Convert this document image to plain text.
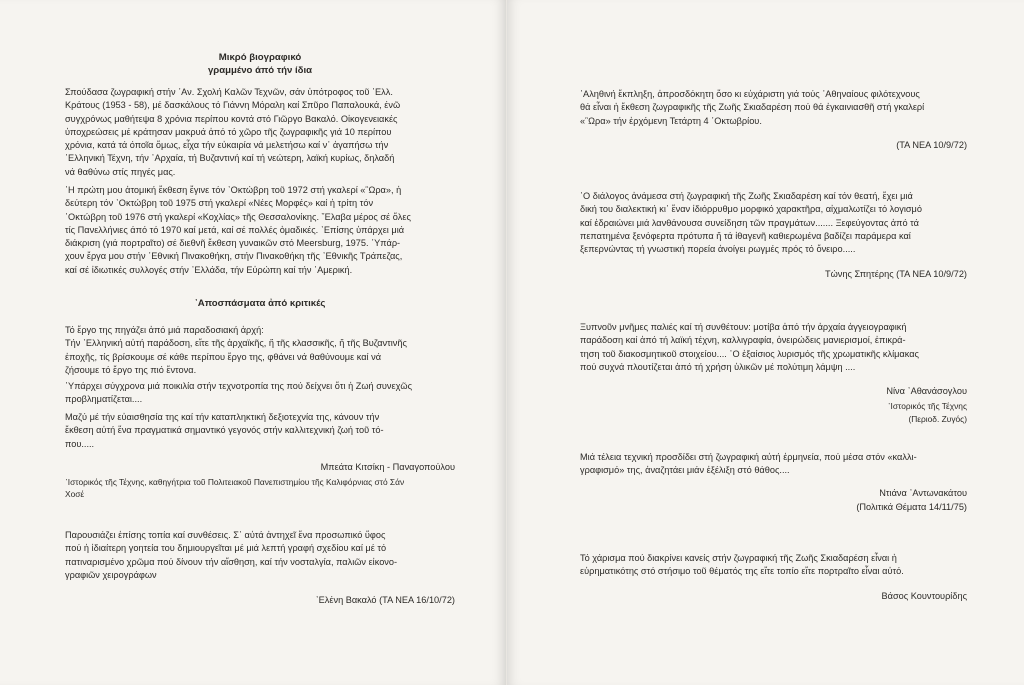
Μικρό βιογραφικό
γραμμένο άπό τήν ίδια
Σπούδασα ζωγραφική στήν ᾽Αν. Σχολή Καλῶν Τεχνῶν, σάν ὑπότροφος τοῦ ᾽Ελλ.
Κράτους (1953 - 58), μέ δασκάλους τό Γιάννη Μόραλη καί Σπῦρο Παπαλουκά, ένῶ
συγχρόνως μαθήτεψα 8 χρόνια περίπου κοντά στό Γιῶργο Βακαλό. Οἰκογενειακές
ὑποχρεώσεις μέ κράτησαν μακρυά ἀπό τό χῶρο τῆς ζωγραφικῆς γιά 10 περίπου
χρόνια, κατά τά όποῖα ὅμως, εἶχα τήν εὐκαιρία νά μελετήσω καί ν᾽ ἀγαπήσω τήν
᾽Ελληνική Τέχνη, τήν ᾽Αρχαία, τή Βυζαντινή καί τή νεώτερη, λαϊκή κυρίως, δηλαδή
νά θαθύνω στίς πηγές μας.
᾽Η πρώτη μου ἀτομική ἔκθεση ἔγινε τόν ᾽Οκτώβρη τοῦ 1972 στή γκαλερί «῝Ωρα», ἡ
δεύτερη τόν ᾽Οκτώβρη τοῦ 1975 στή γκαλερί «Νέες Μορφές» καί ἡ τρίτη τόν
᾽Οκτώβρη τοῦ 1976 στή γκαλερί «Κοχλίας» τῆς Θεσσαλονίκης. ῎Ελαβα μέρος σέ ὅλες
τίς Πανελλήνιες άπό τό 1970 καί μετά, καί σέ πολλές ὁμαδικές. ᾽Επίσης ὑπάρχει μιά
διάκριση (γιά πορτραῖτο) σέ διεθνῆ ἔκθεση γυναικῶν στό Meersburg, 1975. ῾Υπάρ-
χουν ἔργα μου στήν ᾽Εθνική Πινακοθήκη, στήν Πινακοθήκη τῆς ᾽Εθνικῆς Τράπεζας,
καί σέ ἰδιωτικές συλλογές στήν ᾽Ελλάδα, τήν Εὐρώπη καί τήν ᾽Αμερική.
᾽Αποσπάσματα ἀπό κριτικές
Τό ἔργο της πηγάζει ἀπό μιά παραδοσιακή ἀρχή:
Τήν ᾽Ελληνική αὐτή παράδοση, εἴτε τῆς ἀρχαϊκῆς, ἤ τῆς κλασσικῆς, ἤ τῆς Βυζαντινῆς
ἐποχῆς, τίς βρίσκουμε σέ κάθε περίπου ἔργο της, φθάνει νά θαθύνουμε καί νά
ζήσουμε τό ἔργο της πιό ἔντονα.
῾Υπάρχει σύγχρονα μιά ποικιλία στήν τεχνοτροπία της πού δείχνει ὅτι ἡ Ζωή συνεχῶς
προβληματίζεται....
Μαζύ μέ τήν εὐαισθησία της καί τήν καταπληκτική δεξιοτεχνία της, κάνουν τήν
ἔκθεση αὐτή ἕνα πραγματικά σημαντικό γεγονός στήν καλλιτεχνική ζωή τοῦ τό-
που.....
Μπεάτα Κιτσίκη - Παναγοπούλου
᾽Ιστορικός τῆς Τέχνης, καθηγήτρια τοῦ Πολιτειακοῦ Πανεπιστημίου τῆς Καλιφόρνιας στό Σάν
Χοσέ
Παρουσιάζει ἐπίσης τοπία καί συνθέσεις. Σ᾽ αὐτά ἀντηχεῖ ἕνα προσωπικό ὕφος
πού ἡ ἰδιαίτερη γοητεία του δημιουργεῖται μέ μιά λεπτή γραφή σχεδίου καί μέ τό
πατιναρισμένο χρῶμα πού δίνουν τήν αἴσθηση, καί τήν νοσταλγία, παλιῶν εἰκονο-
γραφιῶν χειρογράφων
᾽Ελένη Βακαλό (ΤΑ ΝΕΑ 16/10/72)
᾽Αληθινή ἔκπληξη, ἀπροσδόκητη ὅσο κι εὐχάριστη γιά τούς ᾽Αθηναίους φιλότεχνους
θά εἶναι ἡ ἔκθεση ζωγραφικῆς τῆς Ζωῆς Σκιαδαρέση πού θά ἐγκαινιασθῆ στή γκαλερί
«῝Ωρα» τήν ἐρχόμενη Τετάρτη 4 ᾽Οκτωβρίου.
(ΤΑ ΝΕΑ 10/9/72)
῾Ο διάλογος ἀνάμεσα στή ζωγραφική τῆς Ζωῆς Σκιαδαρέση καί τόν θεατή, ἔχει μιά
δική του διαλεκτική κι᾽ ἕναν ἰδιόρρυθμο μορφικό χαρακτῆρα, αἰχμαλωτίζει τό λογισμό
καί ἑδραιώνει μιά λανθάνουσα συνείδηση τῶν πραγμάτων....... Ξεφεύγοντας ἀπό τά
πεπατημένα ξενόφερτα πρότυπα ἤ τά ἰθαγενῆ καθιερωμένα βαδίζει παράμερα καί
ξεπερνώντας τή γνωστική πορεία ἀνοίγει ρωγμές πρός τό ὄνειρο.....
Τώνης Σπητέρης (ΤΑ ΝΕΑ 10/9/72)
Ξυπνοῦν μνῆμες παλιές καί τή συνθέτουν: μοτίβα ἀπό τήν ἀρχαία ἀγγειογραφική
παράδοση καί ἀπό τή λαϊκή τέχνη, καλλιγραφία, ὀνειρώδεις μανιερισμοί, ἐπικρά-
τηση τοῦ διακοσμητικοῦ στοιχείου.... ᾽Ο ἐξαίσιος λυρισμός τῆς χρωματικῆς κλίμακας
πού συχνά πλουτίζεται ἀπό τή χρήση ὑλικῶν μέ πολύτιμη λάμψη ....
Νίνα ᾽Αθανάσογλου
᾽Ιστορικός τῆς Τέχνης
(Περιοδ. Ζυγός)
Μιά τέλεια τεχνική προσδίδει στή ζωγραφική αὐτή ἑρμηνεία, πού μέσα στόν «καλλι-
γραφισμό» της, ἀναζητάει μιάν ἐξέλιξη στό θάθος....
Ντιάνα ᾽Αντωνακάτου
(Πολιτικά Θέματα 14/11/75)
Τό χάρισμα πού διακρίνει κανείς στήν ζωγραφική τῆς Ζωῆς Σκιαδαρέση εἶναι ἡ
εὐρηματικότης στό στήσιμο τοῦ θέματός της εἴτε τοπίο εἴτε πορτραῖτο εἶναι αὐτό.
Βάσος Κουντουρίδης
